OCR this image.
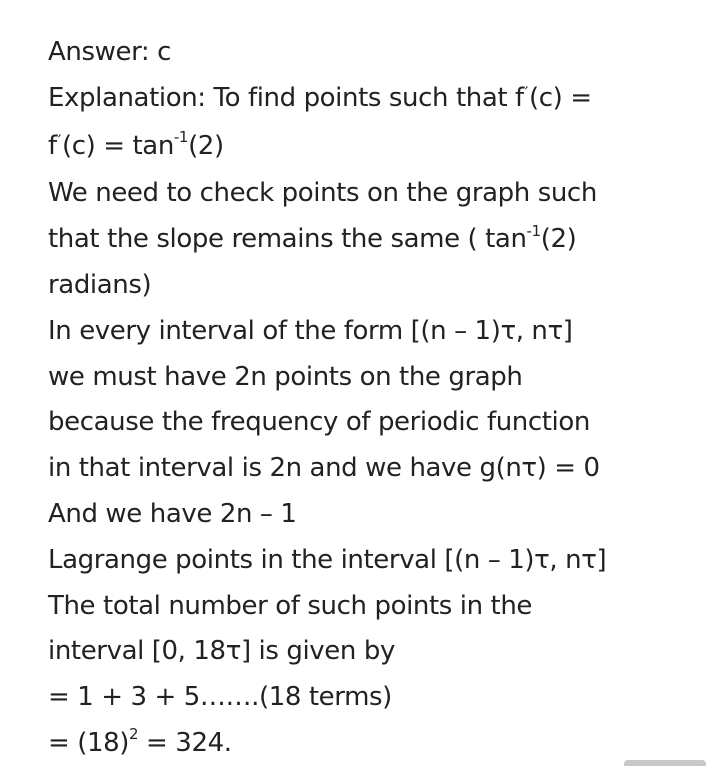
Answer: c
Explanation: To find points such that f′(c) =
$f'(c) = \tan^{-1}(2)$
We need to check points on the graph such
that the slope remains the same ( $\tan^{-1}(2)$
radians)
In every interval of the form [(n – 1)τ, nτ]
we must have 2n points on the graph
because the frequency of periodic function
in that interval is 2n and we have g(nτ) = 0
And we have 2n – 1
Lagrange points in the interval [(n – 1)τ, nτ]
The total number of such points in the
interval [0, 18τ] is given by
= 1 + 3 + 5…….(18 terms)
= $(18)^2 = 324$.
